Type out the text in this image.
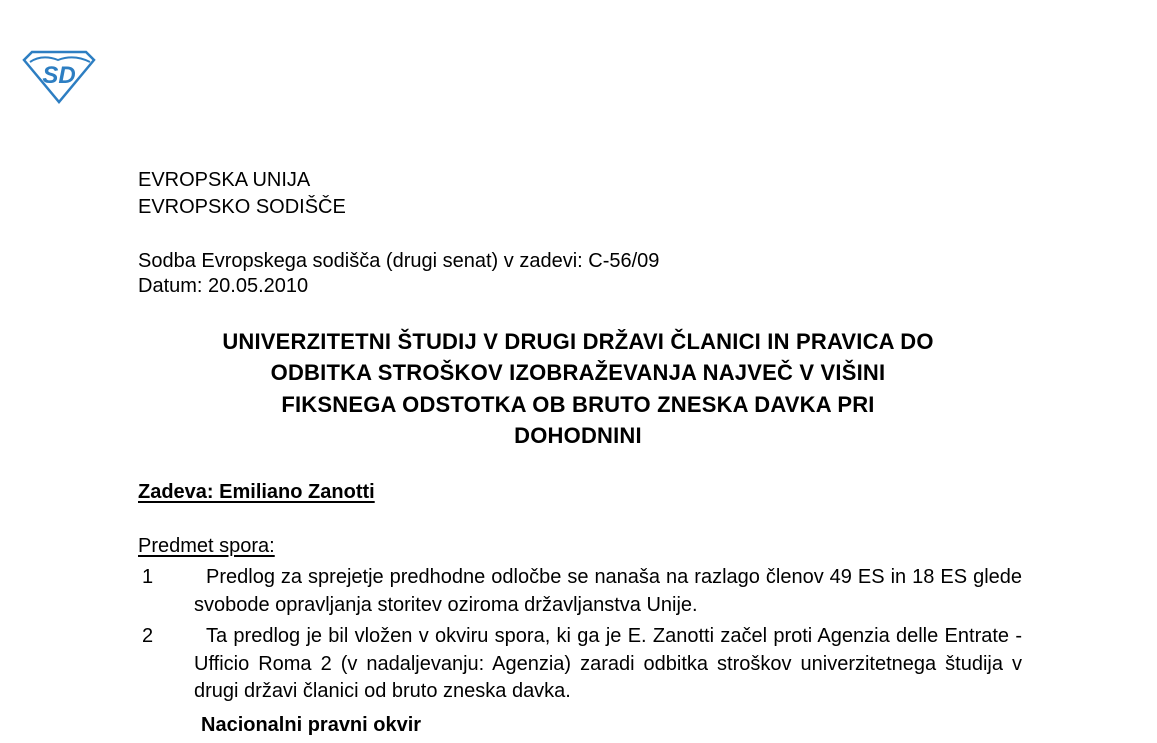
SD
EVROPSKA UNIJA
EVROPSKO SODIŠČE
Sodba Evropskega sodišča (drugi senat) v zadevi: C-56/09
Datum: 20.05.2010
UNIVERZITETNI ŠTUDIJ V DRUGI DRŽAVI ČLANICI IN PRAVICA DO
ODBITKA STROŠKOV IZOBRAŽEVANJA NAJVEČ V VIŠINI
FIKSNEGA ODSTOTKA OB BRUTO ZNESKA DAVKA PRI
DOHODNINI
Zadeva: Emiliano Zanotti
Predmet spora:
1	Predlog za sprejetje predhodne odločbe se nanaša na razlago členov 49 ES in 18 ES glede svobode opravljanja storitev oziroma državljanstva Unije.
2	Ta predlog je bil vložen v okviru spora, ki ga je E. Zanotti začel proti Agenzia delle Entrate - Ufficio Roma 2 (v nadaljevanju: Agenzia) zaradi odbitka stroškov univerzitetnega študija v drugi državi članici od bruto zneska davka.
Nacionalni pravni okvir
